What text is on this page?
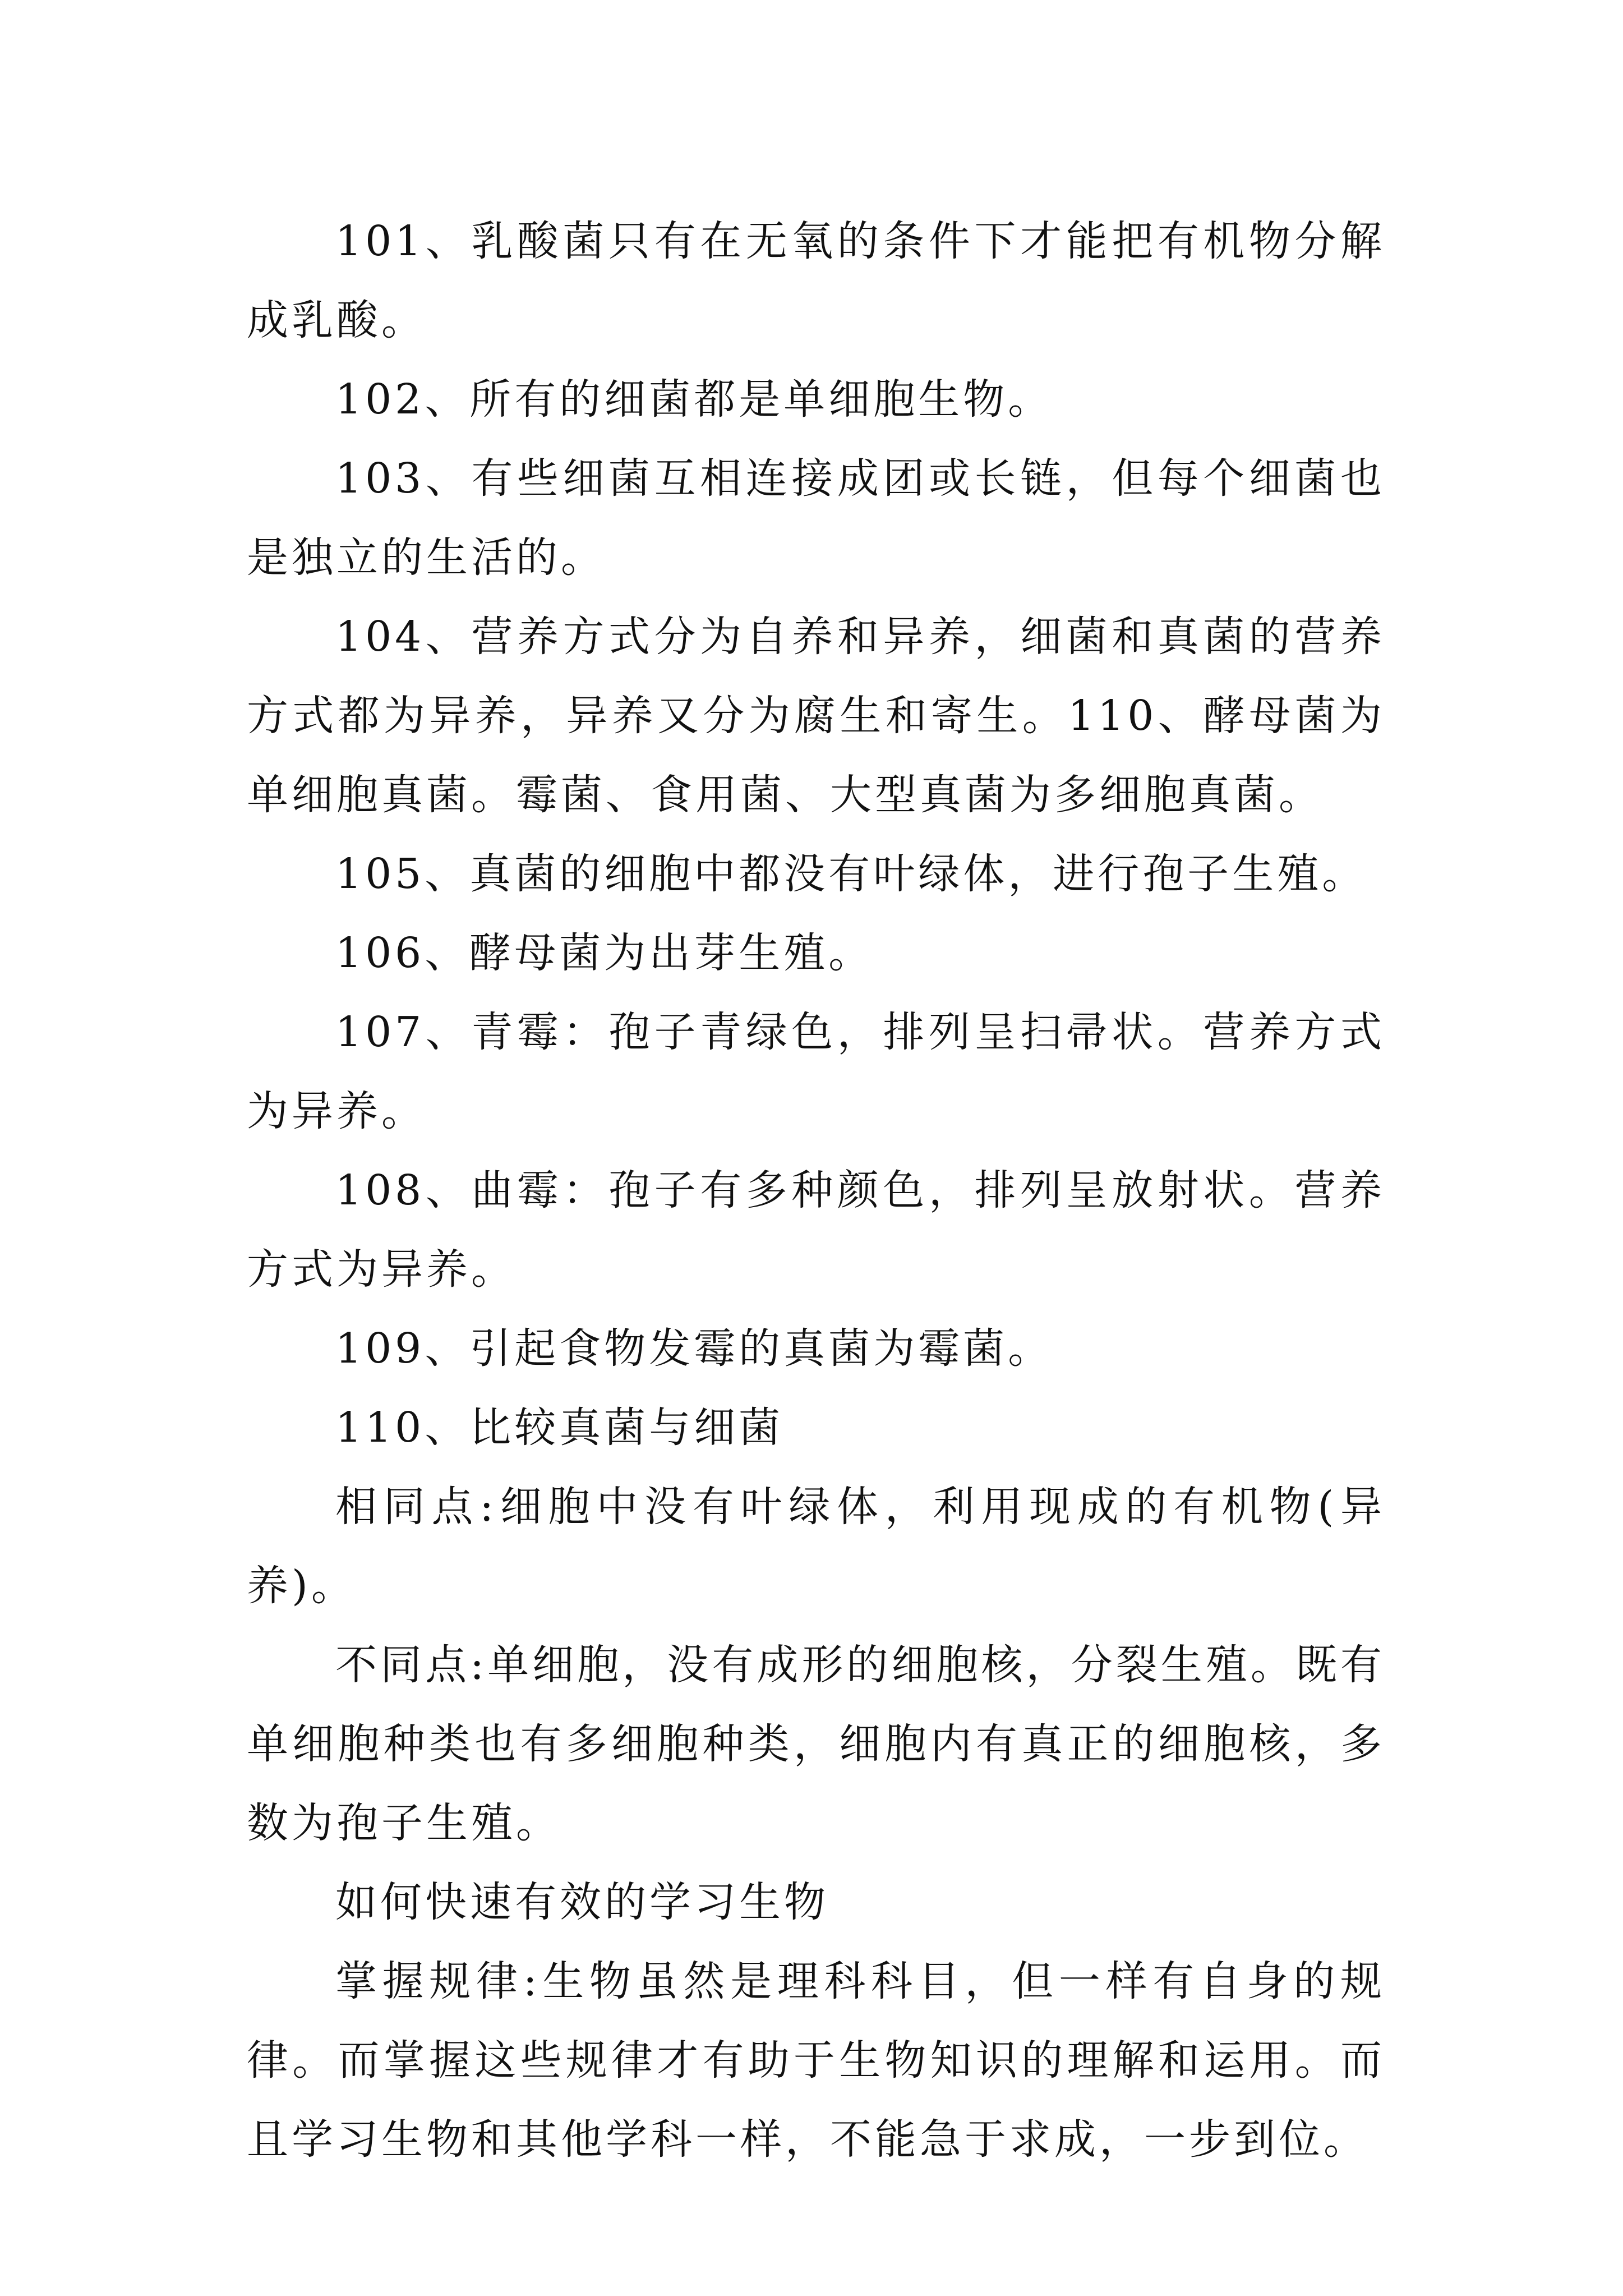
101、乳酸菌只有在无氧的条件下才能把有机物分解成乳酸。

102、所有的细菌都是单细胞生物。

103、有些细菌互相连接成团或长链，但每个细菌也是独立的生活的。

104、营养方式分为自养和异养，细菌和真菌的营养方式都为异养，异养又分为腐生和寄生。110、酵母菌为单细胞真菌。霉菌、食用菌、大型真菌为多细胞真菌。

105、真菌的细胞中都没有叶绿体，进行孢子生殖。

106、酵母菌为出芽生殖。

107、青霉：孢子青绿色，排列呈扫帚状。营养方式为异养。

108、曲霉：孢子有多种颜色，排列呈放射状。营养方式为异养。

109、引起食物发霉的真菌为霉菌。

110、比较真菌与细菌

相同点:细胞中没有叶绿体，利用现成的有机物(异养)。

不同点:单细胞，没有成形的细胞核，分裂生殖。既有单细胞种类也有多细胞种类，细胞内有真正的细胞核，多数为孢子生殖。

如何快速有效的学习生物

掌握规律:生物虽然是理科科目，但一样有自身的规律。而掌握这些规律才有助于生物知识的理解和运用。而且学习生物和其他学科一样，不能急于求成，一步到位。
